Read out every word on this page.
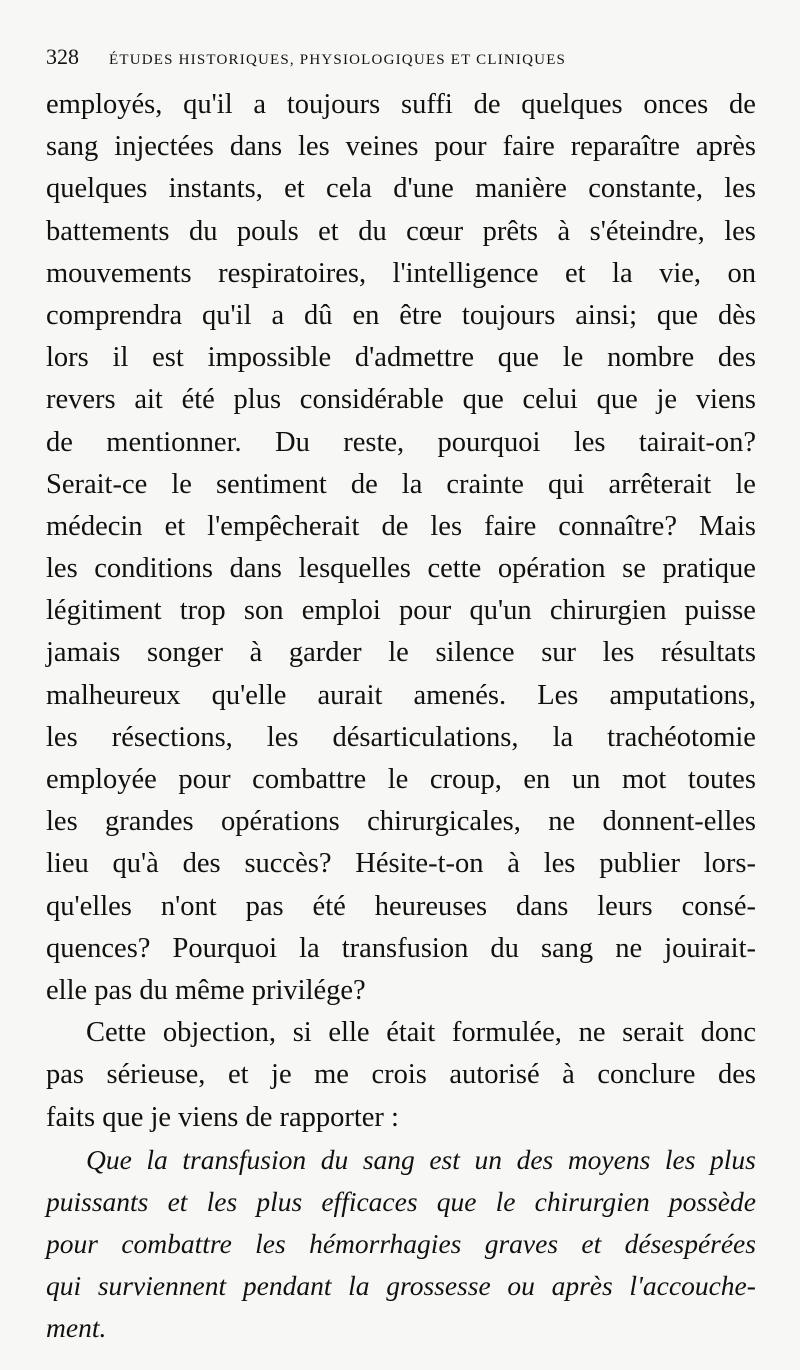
328 ÉTUDES HISTORIQUES, PHYSIOLOGIQUES ET CLINIQUES
employés, qu'il a toujours suffi de quelques onces de
sang injectées dans les veines pour faire reparaître après
quelques instants, et cela d'une manière constante, les
battements du pouls et du cœur prêts à s'éteindre, les
mouvements respiratoires, l'intelligence et la vie, on
comprendra qu'il a dû en être toujours ainsi; que dès
lors il est impossible d'admettre que le nombre des
revers ait été plus considérable que celui que je viens
de mentionner. Du reste, pourquoi les tairait-on?
Serait-ce le sentiment de la crainte qui arrêterait le
médecin et l'empêcherait de les faire connaître? Mais
les conditions dans lesquelles cette opération se pratique
légitiment trop son emploi pour qu'un chirurgien puisse
jamais songer à garder le silence sur les résultats
malheureux qu'elle aurait amenés. Les amputations,
les résections, les désarticulations, la trachéotomie
employée pour combattre le croup, en un mot toutes
les grandes opérations chirurgicales, ne donnent-elles
lieu qu'à des succès? Hésite-t-on à les publier lors-
qu'elles n'ont pas été heureuses dans leurs consé-
quences? Pourquoi la transfusion du sang ne jouirait-
elle pas du même privilége?
Cette objection, si elle était formulée, ne serait donc
pas sérieuse, et je me crois autorisé à conclure des
faits que je viens de rapporter :
Que la transfusion du sang est un des moyens les plus
puissants et les plus efficaces que le chirurgien possède
pour combattre les hémorrhagies graves et désespérées
qui surviennent pendant la grossesse ou après l'accouche-
ment.
